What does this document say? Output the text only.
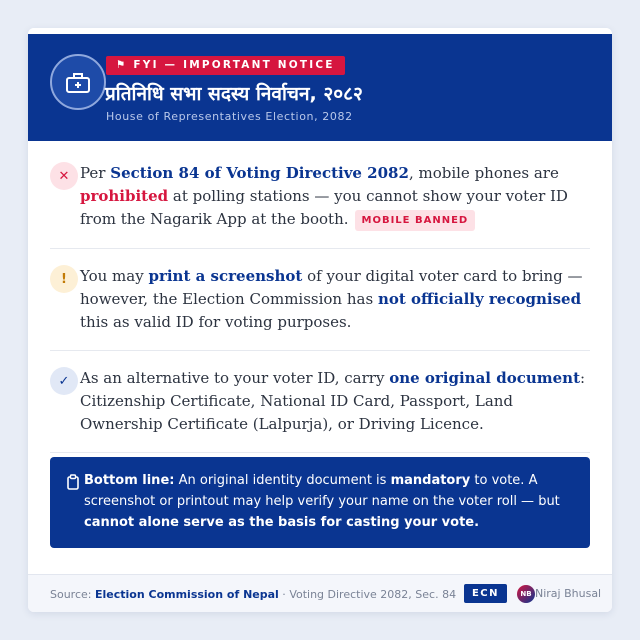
⚑ FYI — IMPORTANT NOTICE
प्रतिनिधि सभा सदस्य निर्वाचन, २०८२
House of Representatives Election, 2082
✕ Per Section 84 of Voting Directive 2082, mobile phones are prohibited at polling stations — you cannot show your voter ID from the Nagarik App at the booth. MOBILE BANNED
! You may print a screenshot of your digital voter card to bring — however, the Election Commission has not officially recognised this as valid ID for voting purposes.
✓ As an alternative to your voter ID, carry one original document: Citizenship Certificate, National ID Card, Passport, Land Ownership Certificate (Lalpurja), or Driving Licence.
Bottom line: An original identity document is mandatory to vote. A screenshot or printout may help verify your name on the voter roll — but cannot alone serve as the basis for casting your vote.
Source: Election Commission of Nepal · Voting Directive 2082, Sec. 84	ECN	NB Niraj Bhusal
